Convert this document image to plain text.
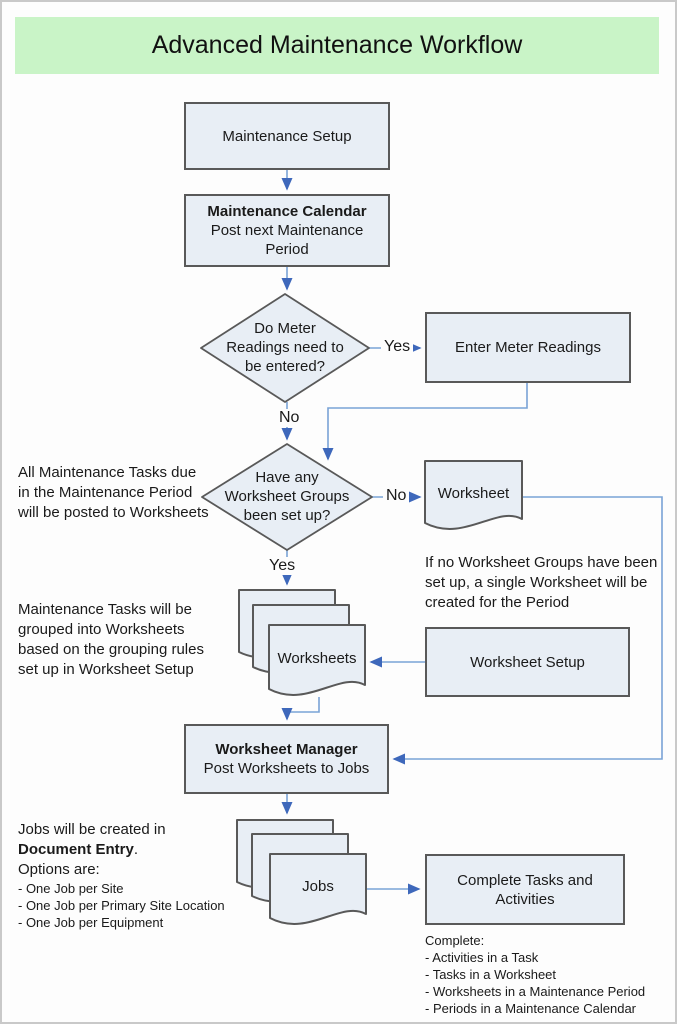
Advanced Maintenance Workflow
Maintenance Setup
Maintenance Calendar
Post next Maintenance Period
Enter Meter Readings
Worksheet Setup
Worksheet Manager
Post Worksheets to Jobs
Complete Tasks and Activities
Do Meter Readings need to be entered?
Have any Worksheet Groups been set up?
Worksheet
Worksheets
Jobs
Yes
No
No
Yes
All Maintenance Tasks due in the Maintenance Period will be posted to Worksheets
Maintenance Tasks will be grouped into Worksheets based on the grouping rules set up in Worksheet Setup
If no Worksheet Groups have been set up, a single Worksheet will be created for the Period
Jobs will be created in
Document Entry.
Options are:
- One Job per Site
- One Job per Primary Site Location
- One Job per Equipment
Complete:
- Activities in a Task
- Tasks in a Worksheet
- Worksheets in a Maintenance Period
- Periods in a Maintenance Calendar
